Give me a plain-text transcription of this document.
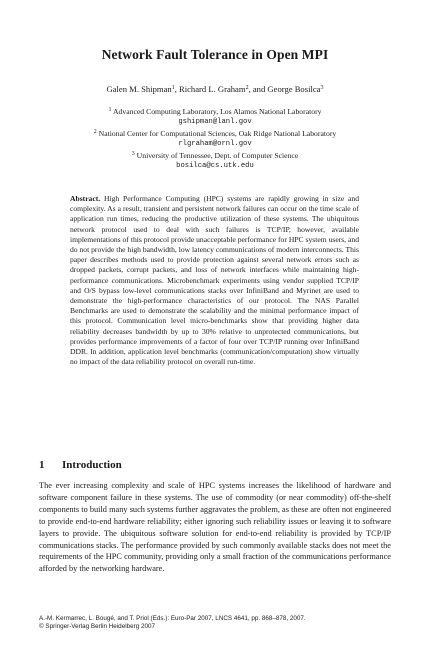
Network Fault Tolerance in Open MPI
Galen M. Shipman$^1$, Richard L. Graham$^2$, and George Bosilca$^3$
$^1$ Advanced Computing Laboratory, Los Alamos National Laboratory
gshipman@lanl.gov
$^2$ National Center for Computational Sciences, Oak Ridge National Laboratory
rlgraham@ornl.gov
$^3$ University of Tennessee, Dept. of Computer Science
bosilca@cs.utk.edu
Abstract. High Performance Computing (HPC) systems are rapidly growing in size and complexity. As a result, transient and persistent network failures can occur on the time scale of application run times, reducing the productive utilization of these systems. The ubiquitous network protocol used to deal with such failures is TCP/IP, however, available implementations of this protocol provide unacceptable performance for HPC system users, and do not provide the high bandwidth, low latency communications of modern interconnects. This paper describes methods used to provide protection against several network errors such as dropped packets, corrupt packets, and loss of network interfaces while maintaining high-performance communications. Microbenchmark experiments using vendor supplied TCP/IP and O/S bypass low-level communications stacks over InfiniBand and Myrinet are used to demonstrate the high-performance characteristics of our protocol. The NAS Parallel Benchmarks are used to demonstrate the scalability and the minimal performance impact of this protocol. Communication level micro-benchmarks show that providing higher data reliability decreases bandwidth by up to 30% relative to unprotected communications, but provides performance improvements of a factor of four over TCP/IP running over InfiniBand DDR. In addition, application level benchmarks (communication/computation) show virtually no impact of the data reliability protocol on overall run-time.
1 Introduction
The ever increasing complexity and scale of HPC systems increases the likelihood of hardware and software component failure in these systems. The use of commodity (or near commodity) off-the-shelf components to build many such systems further aggravates the problem, as these are often not engineered to provide end-to-end hardware reliability; either ignoring such reliability issues or leaving it to software layers to provide. The ubiquitous software solution for end-to-end reliability is provided by TCP/IP communications stacks. The performance provided by such commonly available stacks does not meet the requirements of the HPC community, providing only a small fraction of the communications performance afforded by the networking hardware.
A.-M. Kermarrec, L. Bougé, and T. Priol (Eds.): Euro-Par 2007, LNCS 4641, pp. 868–878, 2007.
© Springer-Verlag Berlin Heidelberg 2007
